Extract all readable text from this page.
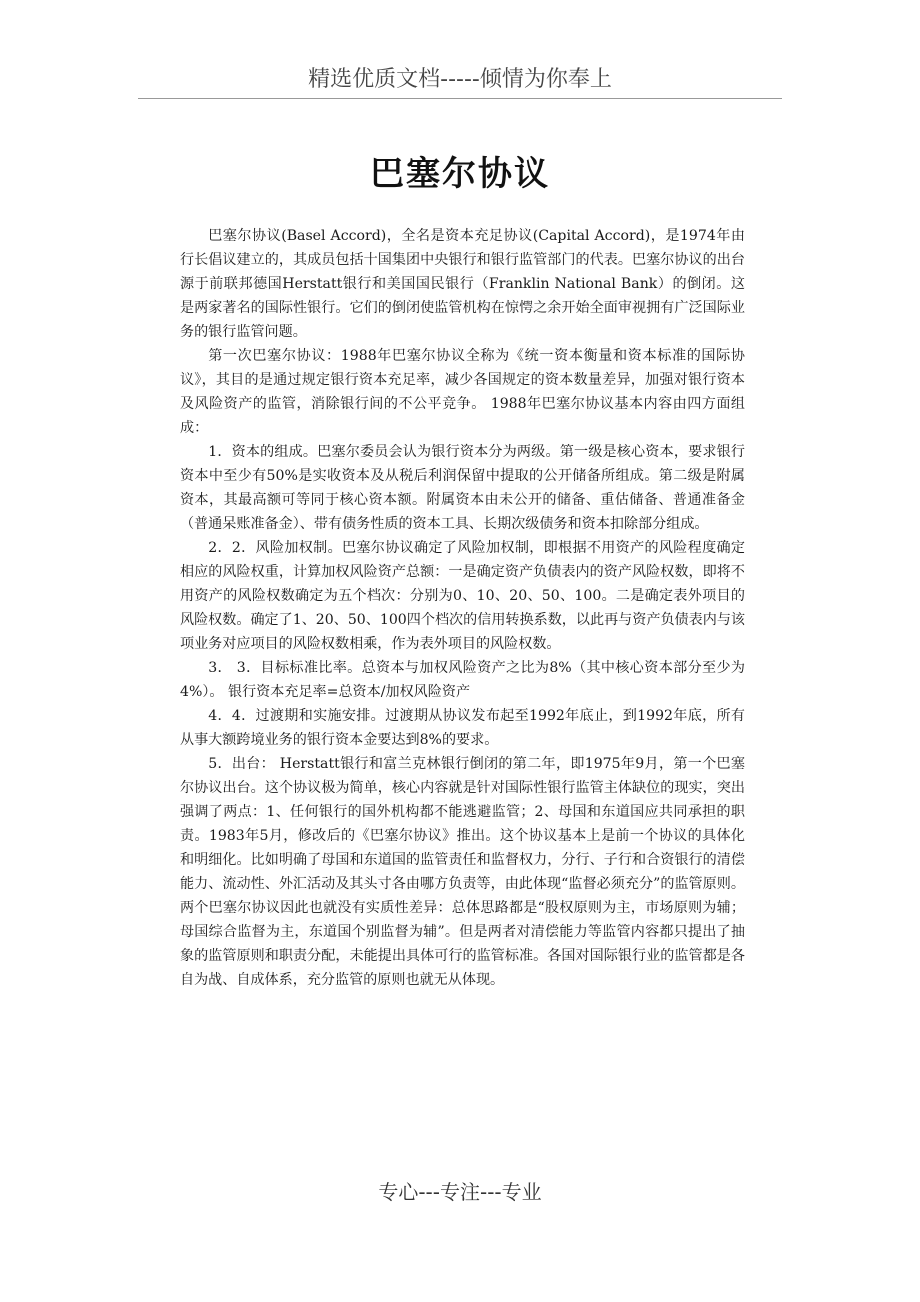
精选优质文档-----倾情为你奉上
巴塞尔协议

巴塞尔协议(Basel Accord)，全名是资本充足协议(Capital Accord)，是1974年由 行长倡议建立的，其成员包括十国集团中央银行和银行监管部门的代表。巴塞尔协议的出台源于前联邦德国Herstatt银行和美国国民银行（Franklin National Bank）的倒闭。这是两家著名的国际性银行。它们的倒闭使监管机构在惊愕之余开始全面审视拥有广泛国际业务的银行监管问题。

第一次巴塞尔协议：1988年巴塞尔协议全称为《统一资本衡量和资本标准的国际协议》，其目的是通过规定银行资本充足率，减少各国规定的资本数量差异，加强对银行资本及风险资产的监管，消除银行间的不公平竞争。 1988年巴塞尔协议基本内容由四方面组成：

1．资本的组成。巴塞尔委员会认为银行资本分为两级。第一级是核心资本，要求银行资本中至少有50%是实收资本及从税后利润保留中提取的公开储备所组成。第二级是附属资本，其最高额可等同于核心资本额。附属资本由未公开的储备、重估储备、普通准备金（普通呆账准备金）、带有债务性质的资本工具、长期次级债务和资本扣除部分组成。

2．2．风险加权制。巴塞尔协议确定了风险加权制，即根据不用资产的风险程度确定相应的风险权重，计算加权风险资产总额：一是确定资产负债表内的资产风险权数，即将不用资产的风险权数确定为五个档次：分别为0、10、20、50、100。二是确定表外项目的风险权数。确定了1、20、50、100四个档次的信用转换系数，以此再与资产负债表内与该项业务对应项目的风险权数相乘，作为表外项目的风险权数。

3． 3．目标标准比率。总资本与加权风险资产之比为8%（其中核心资本部分至少为4%）。 银行资本充足率=总资本/加权风险资产

4．4．过渡期和实施安排。过渡期从协议发布起至1992年底止，到1992年底，所有从事大额跨境业务的银行资本金要达到8%的要求。

5．出台： Herstatt银行和富兰克林银行倒闭的第二年，即1975年9月，第一个巴塞尔协议出台。这个协议极为简单，核心内容就是针对国际性银行监管主体缺位的现实，突出强调了两点：1、任何银行的国外机构都不能逃避监管；2、母国和东道国应共同承担的职责。1983年5月，修改后的《巴塞尔协议》推出。这个协议基本上是前一个协议的具体化和明细化。比如明确了母国和东道国的监管责任和监督权力，分行、子行和合资银行的清偿能力、流动性、外汇活动及其头寸各由哪方负责等，由此体现“监督必须充分”的监管原则。两个巴塞尔协议因此也就没有实质性差异：总体思路都是“股权原则为主，市场原则为辅；母国综合监督为主，东道国个别监督为辅”。但是两者对清偿能力等监管内容都只提出了抽象的监管原则和职责分配，未能提出具体可行的监管标准。各国对国际银行业的监管都是各自为战、自成体系，充分监管的原则也就无从体现。

专心---专注---专业
